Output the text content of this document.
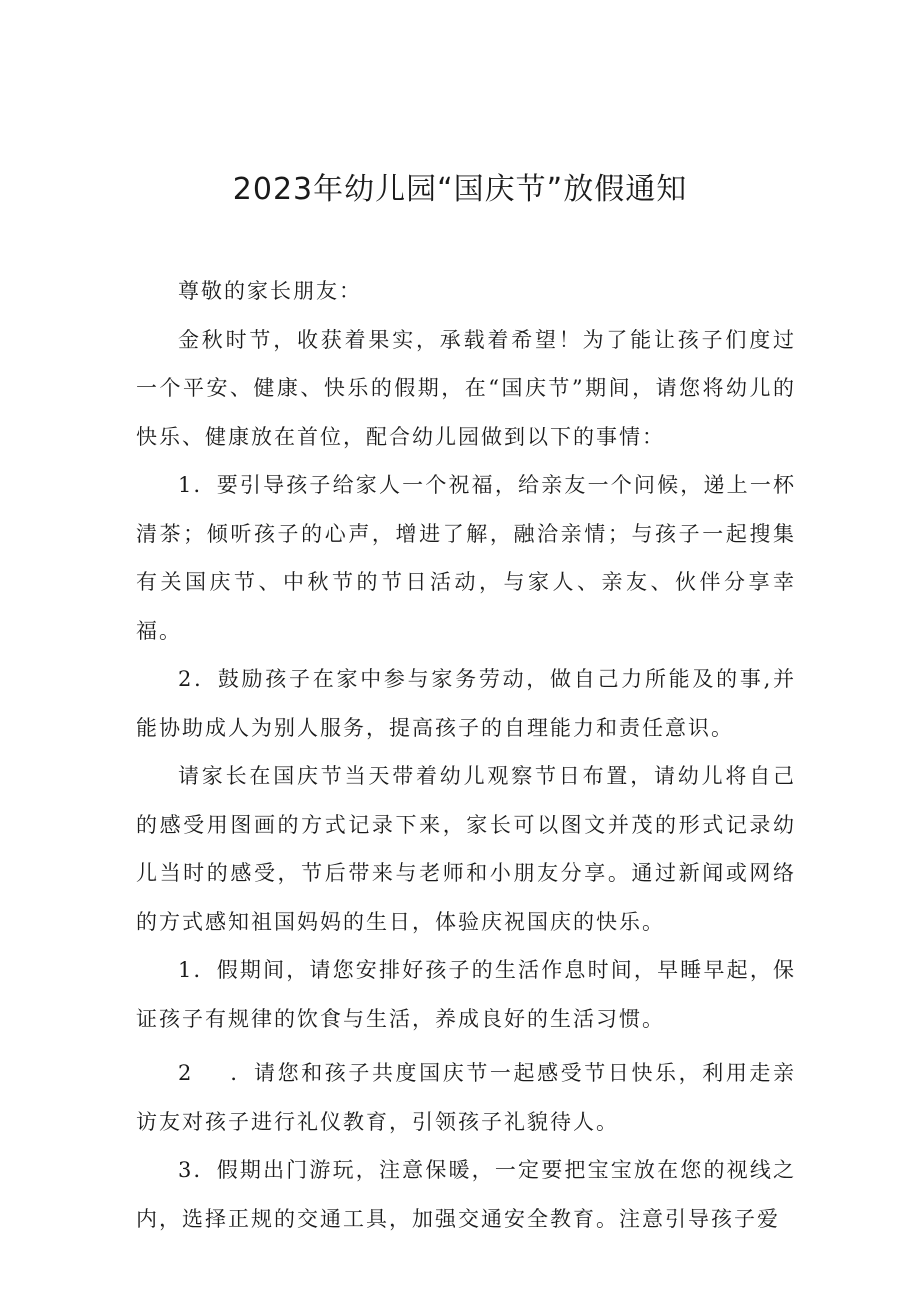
2023年幼儿园“国庆节”放假通知

尊敬的家长朋友：

金秋时节，收获着果实，承载着希望！为了能让孩子们度过一个平安、健康、快乐的假期，在“国庆节”期间，请您将幼儿的快乐、健康放在首位，配合幼儿园做到以下的事情：

1．要引导孩子给家人一个祝福，给亲友一个问候，递上一杯清茶；倾听孩子的心声，增进了解，融洽亲情；与孩子一起搜集有关国庆节、中秋节的节日活动，与家人、亲友、伙伴分享幸福。

2．鼓励孩子在家中参与家务劳动，做自己力所能及的事,并能协助成人为别人服务，提高孩子的自理能力和责任意识。

请家长在国庆节当天带着幼儿观察节日布置，请幼儿将自己的感受用图画的方式记录下来，家长可以图文并茂的形式记录幼儿当时的感受，节后带来与老师和小朋友分享。通过新闻或网络的方式感知祖国妈妈的生日，体验庆祝国庆的快乐。

1．假期间，请您安排好孩子的生活作息时间，早睡早起，保证孩子有规律的饮食与生活，养成良好的生活习惯。

2    ．请您和孩子共度国庆节一起感受节日快乐，利用走亲访友对孩子进行礼仪教育，引领孩子礼貌待人。

3．假期出门游玩，注意保暖，一定要把宝宝放在您的视线之内，选择正规的交通工具，加强交通安全教育。注意引导孩子爱
